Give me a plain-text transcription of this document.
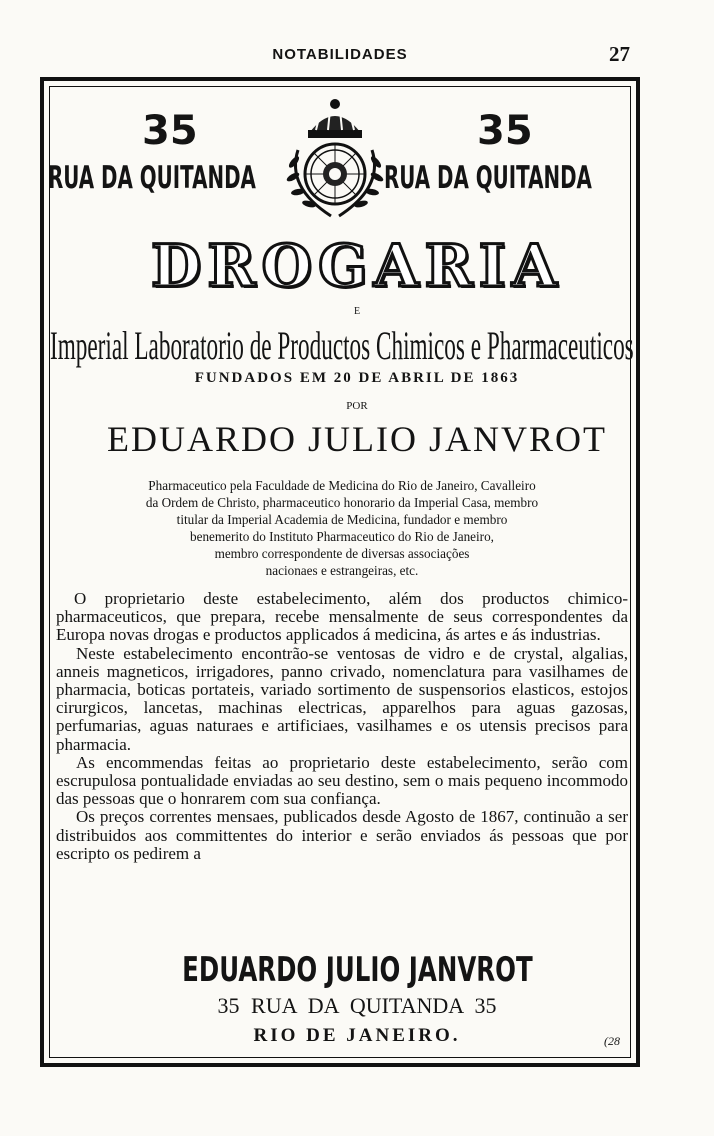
NOTABILIDADES	27
35	35
RUA DA QUITANDA	RUA DA QUITANDA
DROGARIA
E
Imperial Laboratorio de Productos Chimicos e Pharmaceuticos
FUNDADOS EM 20 DE ABRIL DE 1863
POR
EDUARDO JULIO JANVROT
Pharmaceutico pela Faculdade de Medicina do Rio de Janeiro, Cavalleiro
da Ordem de Christo, pharmaceutico honorario da Imperial Casa, membro
titular da Imperial Academia de Medicina, fundador e membro
benemerito do Instituto Pharmaceutico do Rio de Janeiro,
membro correspondente de diversas associações
nacionaes e estrangeiras, etc.

O proprietario deste estabelecimento, além dos productos chimico-pharmaceuticos, que prepara, recebe mensalmente de seus correspondentes da Europa novas drogas e productos applicados á medicina, ás artes e ás industrias.

Neste estabelecimento encontrão-se ventosas de vidro e de crystal, algalias, anneis magneticos, irrigadores, panno crivado, nomenclatura para vasilhames de pharmacia, boticas portateis, variado sortimento de suspensorios elasticos, estojos cirurgicos, lancetas, machinas electricas, apparelhos para aguas gazosas, perfumarias, aguas naturaes e artificiaes, vasilhames e os utensis precisos para pharmacia.

As encommendas feitas ao proprietario deste estabelecimento, serão com escrupulosa pontualidade enviadas ao seu destino, sem o mais pequeno incommodo das pessoas que o honrarem com sua confiança.

Os preços correntes mensaes, publicados desde Agosto de 1867, continuão a ser distribuidos aos committentes do interior e serão enviados ás pessoas que por escripto os pedirem a

EDUARDO JULIO JANVROT
35 RUA DA QUITANDA 35
RIO DE JANEIRO.	(28
